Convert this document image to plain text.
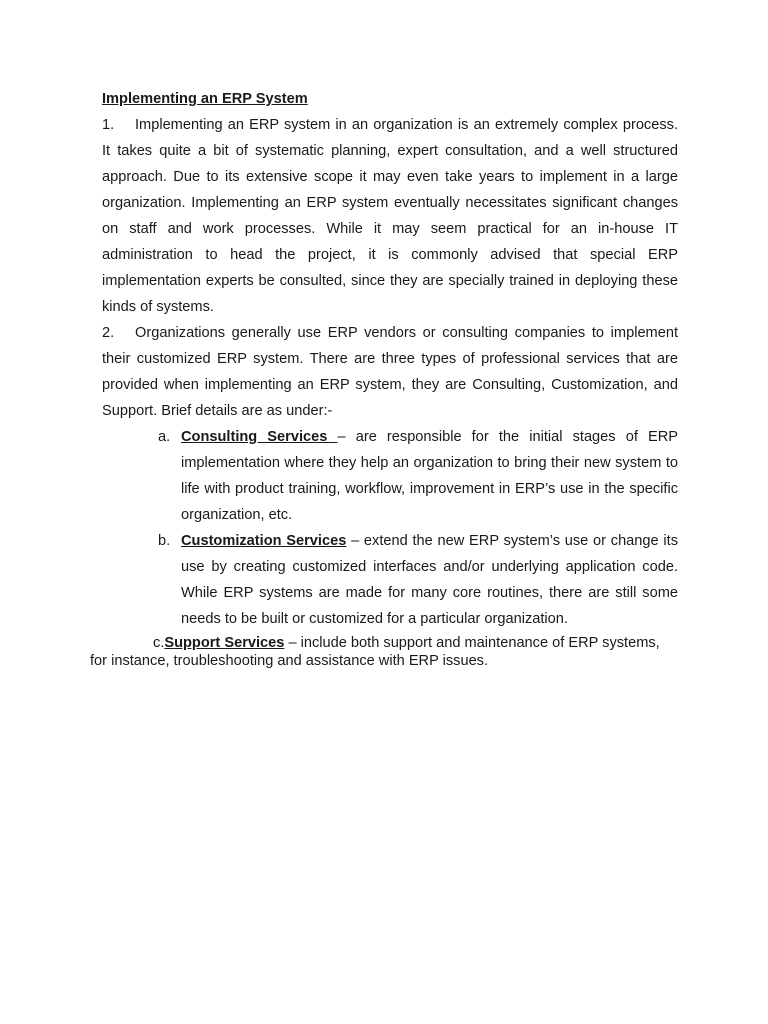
Implementing an ERP System
1. Implementing an ERP system in an organization is an extremely complex process. It takes quite a bit of systematic planning, expert consultation, and a well structured approach. Due to its extensive scope it may even take years to implement in a large organization. Implementing an ERP system eventually necessitates significant changes on staff and work processes. While it may seem practical for an in-house IT administration to head the project, it is commonly advised that special ERP implementation experts be consulted, since they are specially trained in deploying these kinds of systems.
2. Organizations generally use ERP vendors or consulting companies to implement their customized ERP system. There are three types of professional services that are provided when implementing an ERP system, they are Consulting, Customization, and Support. Brief details are as under:-
a. Consulting Services – are responsible for the initial stages of ERP implementation where they help an organization to bring their new system to life with product training, workflow, improvement in ERP’s use in the specific organization, etc.
b. Customization Services – extend the new ERP system’s use or change its use by creating customized interfaces and/or underlying application code. While ERP systems are made for many core routines, there are still some needs to be built or customized for a particular organization.
c.Support Services – include both support and maintenance of ERP systems, for instance, troubleshooting and assistance with ERP issues.
